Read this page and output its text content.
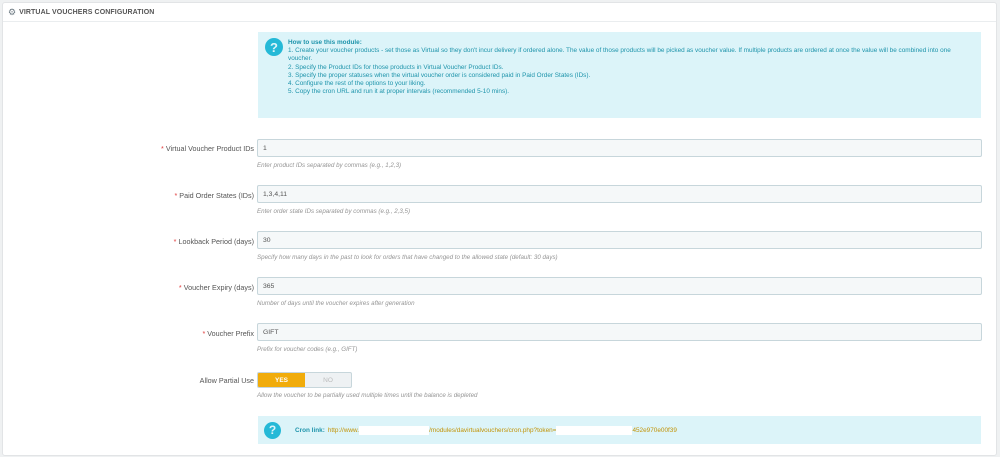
⚙ VIRTUAL VOUCHERS CONFIGURATION
?	How to use this module:
1. Create your voucher products - set those as Virtual so they don't incur delivery if ordered alone. The value of those products will be picked as voucher value. If multiple products are ordered at once the value will be combined into one voucher.
2. Specify the Product IDs for those products in Virtual Voucher Product IDs.
3. Specify the proper statuses when the virtual voucher order is considered paid in Paid Order States (IDs).
4. Configure the rest of the options to your liking.
5. Copy the cron URL and run it at proper intervals (recommended 5-10 mins).
* Virtual Voucher Product IDs	1
Enter product IDs separated by commas (e.g., 1,2,3)
* Paid Order States (IDs)	1,3,4,11
Enter order state IDs separated by commas (e.g., 2,3,5)
* Lookback Period (days)	30
Specify how many days in the past to look for orders that have changed to the allowed state (default: 30 days)
* Voucher Expiry (days)	365
Number of days until the voucher expires after generation
* Voucher Prefix	GIFT
Prefix for voucher codes (e.g., GIFT)
Allow Partial Use	YES	NO
Allow the voucher to be partially used multiple times until the balance is depleted
?	Cron link: http://www.	/modules/davirtualvouchers/cron.php?token=	452e970e00f39
